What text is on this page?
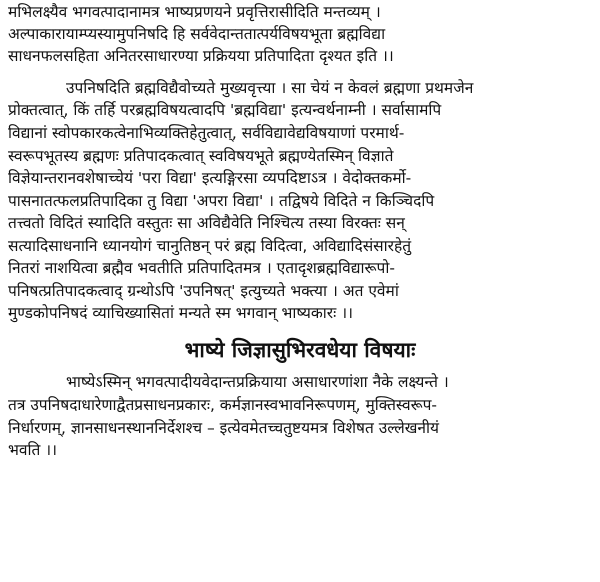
मभिलक्ष्यैव भगवत्पादानामत्र भाष्यप्रणयने प्रवृत्तिरासीदिति मन्तव्यम् ।
अल्पाकारायाम्प्यस्यामुपनिषदि हि सर्ववेदान्ततात्पर्यविषयभूता ब्रह्मविद्या
साधनफलसहिता अनितरसाधारण्या प्रक्रियया प्रतिपादिता दृश्यत इति ।।
उपनिषदिति ब्रह्मविद्यैवोच्यते मुख्यवृत्त्या । सा चेयं न केवलं ब्रह्मणा प्रथमजेन
प्रोक्तत्वात्, किं तर्हि परब्रह्मविषयत्वादपि 'ब्रह्मविद्या' इत्यन्वर्थनाम्नी । सर्वासामपि
विद्यानां स्वोपकारकत्वेनाभिव्यक्तिहेतुत्वात्, सर्वविद्यावेद्यविषयाणां परमार्थ-
स्वरूपभूतस्य ब्रह्मणः प्रतिपादकत्वात् स्वविषयभूते ब्रह्मण्येतस्मिन् विज्ञाते
विज्ञेयान्तरानवशेषाच्चेयं 'परा विद्या' इत्यङ्गिरसा व्यपदिष्टाऽत्र । वेदोक्तकर्मो-
पासनातत्फलप्रतिपादिका तु विद्या 'अपरा विद्या' । तद्विषये विदिते न किञ्चिदपि
तत्त्वतो विदितं स्यादिति वस्तुतः सा अविद्यैवेति निश्चित्य तस्या विरक्तः सन्
सत्यादिसाधनानि ध्यानयोगं चानुतिष्ठन् परं ब्रह्म विदित्वा, अविद्यादिसंसारहेतुं
नितरां नाशयित्वा ब्रह्मैव भवतीति प्रतिपादितमत्र । एतादृशब्रह्मविद्यारूपो-
पनिषत्प्रतिपादकत्वाद् ग्रन्थोऽपि 'उपनिषत्' इत्युच्यते भक्त्या । अत एवेमां
मुण्डकोपनिषदं व्याचिख्यासितां मन्यते स्म भगवान् भाष्यकारः ।।
भाष्ये जिज्ञासुभिरवधेया विषयाः
भाष्येऽस्मिन् भगवत्पादीयवेदान्तप्रक्रियाया असाधारणांशा नैके लक्ष्यन्ते ।
तत्र उपनिषदाधारेणाद्वैतप्रसाधनप्रकारः, कर्मज्ञानस्वभावनिरूपणम्, मुक्तिस्वरूप-
निर्धारणम्, ज्ञानसाधनस्थाननिर्देशश्च – इत्येवमेतच्चतुष्टयमत्र विशेषत उल्लेखनीयं
भवति ।।
